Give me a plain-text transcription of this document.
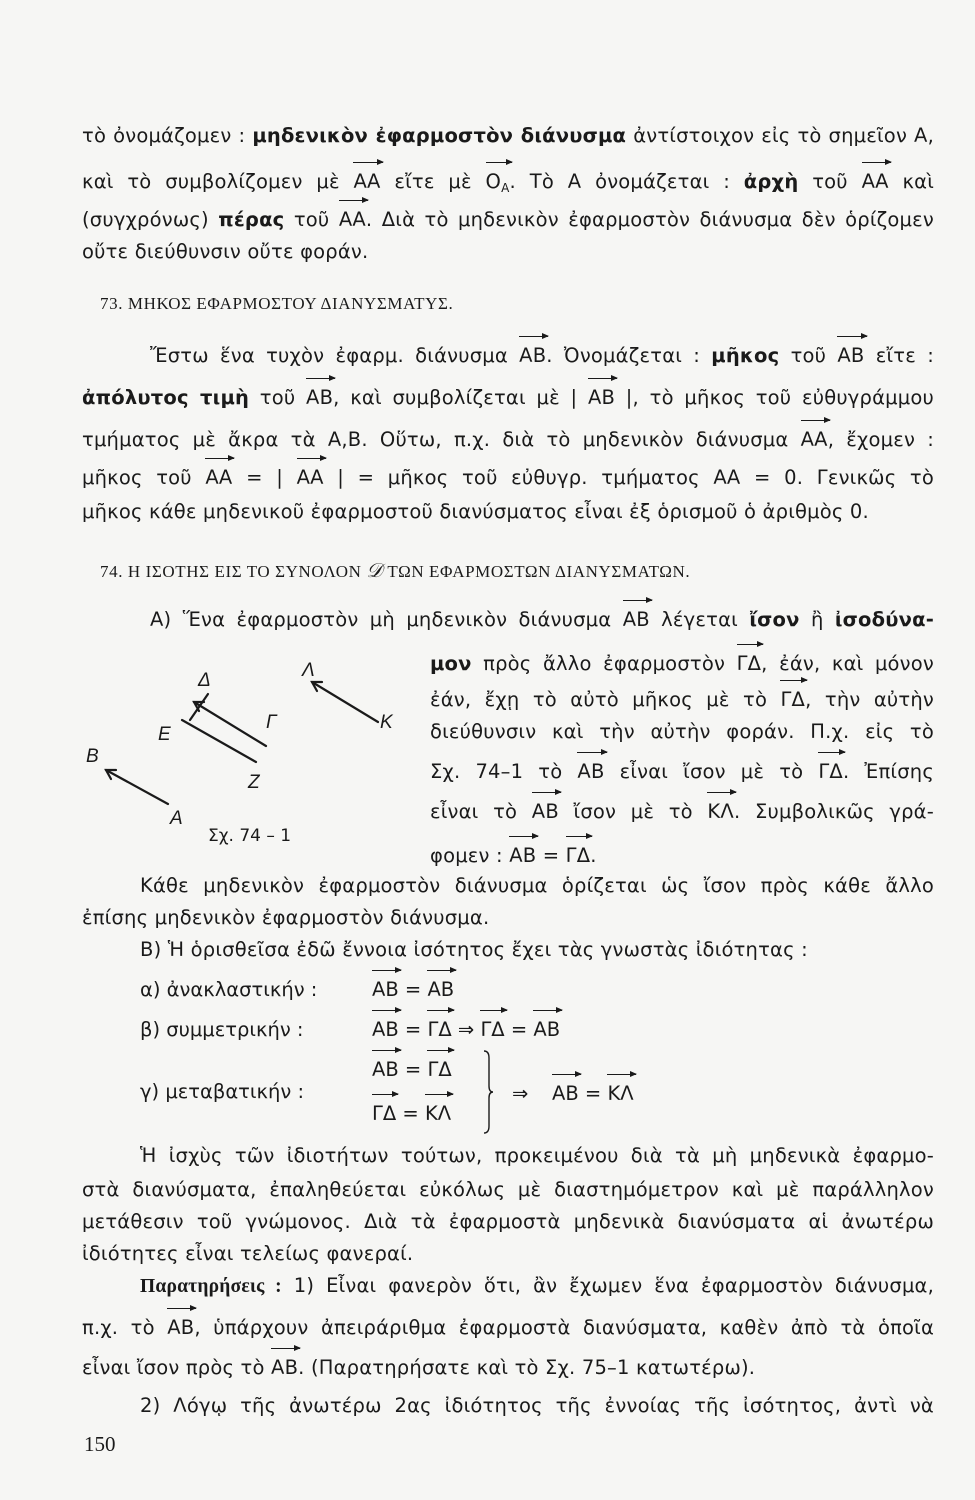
τὸ ὀνομάζομεν : μηδενικὸν ἐφαρμοστὸν διάνυσμα ἀντίστοιχον εἰς τὸ σημεῖον Α,
καὶ τὸ συμβολίζομεν μὲ ΑΑ εἴτε μὲ $O_A$. Τὸ Α ὀνομάζεται : ἀρχὴ τοῦ ΑΑ καὶ
(συγχρόνως) πέρας τοῦ ΑΑ. Διὰ τὸ μηδενικὸν ἐφαρμοστὸν διάνυσμα δὲν ὁρίζομεν
οὔτε διεύθυνσιν οὔτε φοράν.
73. ΜΗΚΟΣ ΕΦΑΡΜΟΣΤΟΥ ΔΙΑΝΥΣΜΑΤΥΣ.
Ἔστω ἕνα τυχὸν ἐφαρμ. διάνυσμα ΑΒ. Ὀνομάζεται : μῆκος τοῦ ΑΒ εἴτε :
ἀπόλυτος τιμὴ τοῦ ΑΒ, καὶ συμβολίζεται μὲ | ΑΒ |, τὸ μῆκος τοῦ εὐθυγράμμου
τμήματος μὲ ἄκρα τὰ Α,Β. Οὕτω, π.χ. διὰ τὸ μηδενικὸν διάνυσμα ΑΑ, ἔχομεν :
μῆκος τοῦ ΑΑ = | ΑΑ | = μῆκος τοῦ εὐθυγρ. τμήματος ΑΑ = 0. Γενικῶς τὸ
μῆκος κάθε μηδενικοῦ ἐφαρμοστοῦ διανύσματος εἶναι ἐξ ὁρισμοῦ ὁ ἀριθμὸς 0.
74. Η ΙΣΟΤΗΣ ΕΙΣ ΤΟ ΣΥΝΟΛΟΝ 𝒟 ΤΩΝ ΕΦΑΡΜΟΣΤΩΝ ΔΙΑΝΥΣΜΑΤΩΝ.
Α) Ἕνα ἐφαρμοστὸν μὴ μηδενικὸν διάνυσμα ΑΒ λέγεται ἴσον ἢ ἰσοδύνα-
μον πρὸς ἄλλο ἐφαρμοστὸν ΓΔ, ἐάν, καὶ μόνον
ἐάν, ἔχῃ τὸ αὐτὸ μῆκος μὲ τὸ ΓΔ, τὴν αὐτὴν
διεύθυνσιν καὶ τὴν αὐτὴν φοράν. Π.χ. εἰς τὸ
Σχ. 74–1 τὸ ΑΒ εἶναι ἴσον μὲ τὸ ΓΔ. Ἐπίσης
εἶναι τὸ ΑΒ ἴσον μὲ τὸ ΚΛ. Συμβολικῶς γρά-
φομεν : ΑΒ = ΓΔ.
Β
Α
Δ
Ε
Γ
Ζ
Λ
Κ
Σχ. 74 – 1
Κάθε μηδενικὸν ἐφαρμοστὸν διάνυσμα ὁρίζεται ὡς ἴσον πρὸς κάθε ἄλλο
ἐπίσης μηδενικὸν ἐφαρμοστὸν διάνυσμα.
Β) Ἡ ὁρισθεῖσα ἐδῶ ἔννοια ἰσότητος ἔχει τὰς γνωστὰς ἰδιότητας :
α) ἀνακλαστικήν :	ΑΒ = ΑΒ
β) συμμετρικήν :	ΑΒ = ΓΔ ⇒ ΓΔ = ΑΒ
γ) μεταβατικήν :
ΑΒ = ΓΔ
ΓΔ = ΚΛ
⇒ ΑΒ = ΚΛ
Ἡ ἰσχὺς τῶν ἰδιοτήτων τούτων, προκειμένου διὰ τὰ μὴ μηδενικὰ ἐφαρμο-
στὰ διανύσματα, ἐπαληθεύεται εὐκόλως μὲ διαστημόμετρον καὶ μὲ παράλληλον
μετάθεσιν τοῦ γνώμονος. Διὰ τὰ ἐφαρμοστὰ μηδενικὰ διανύσματα αἱ ἀνωτέρω
ἰδιότητες εἶναι τελείως φανεραί.
Παρατηρήσεις : 1) Εἶναι φανερὸν ὅτι, ἂν ἔχωμεν ἕνα ἐφαρμοστὸν διάνυσμα,
π.χ. τὸ ΑΒ, ὑπάρχουν ἀπειράριθμα ἐφαρμοστὰ διανύσματα, καθὲν ἀπὸ τὰ ὁποῖα
εἶναι ἴσον πρὸς τὸ ΑΒ. (Παρατηρήσατε καὶ τὸ Σχ. 75–1 κατωτέρω).
2) Λόγῳ τῆς ἀνωτέρω 2ας ἰδιότητος τῆς ἐννοίας τῆς ἰσότητος, ἀντὶ νὰ
150
